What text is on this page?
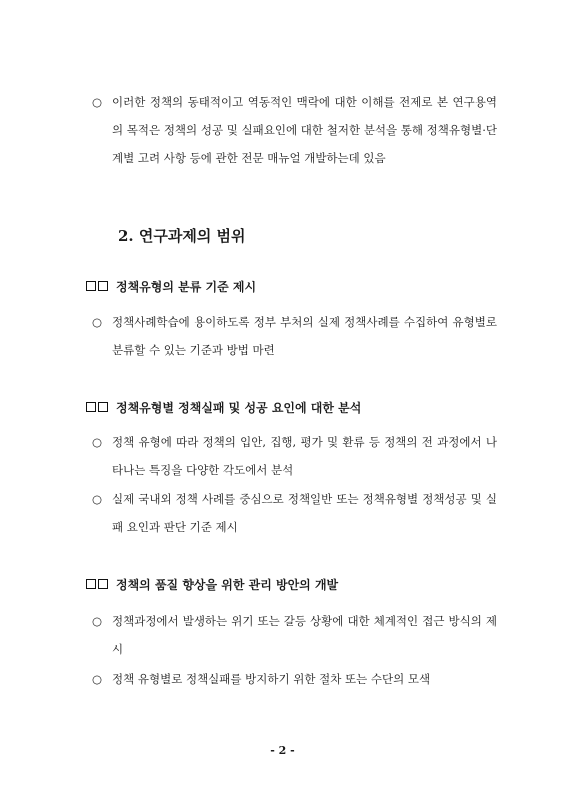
○ 이러한 정책의 동태적이고 역동적인 맥락에 대한 이해를 전제로 본 연구용역의 목적은 정책의 성공 및 실패요인에 대한 철저한 분석을 통해 정책유형별·단계별 고려 사항 등에 관한 전문 매뉴얼 개발하는데 있음
2. 연구과제의 범위
정책유형의 분류 기준 제시
○ 정책사례학습에 용이하도록 정부 부처의 실제 정책사례를 수집하여 유형별로 분류할 수 있는 기준과 방법 마련
정책유형별 정책실패 및 성공 요인에 대한 분석
○ 정책 유형에 따라 정책의 입안, 집행, 평가 및 환류 등 정책의 전 과정에서 나타나는 특징을 다양한 각도에서 분석
○ 실제 국내외 정책 사례를 중심으로 정책일반 또는 정책유형별 정책성공 및 실패 요인과 판단 기준 제시
정책의 품질 향상을 위한 관리 방안의 개발
○ 정책과정에서 발생하는 위기 또는 갈등 상황에 대한 체계적인 접근 방식의 제시
○ 정책 유형별로 정책실패를 방지하기 위한 절차 또는 수단의 모색
- 2 -
